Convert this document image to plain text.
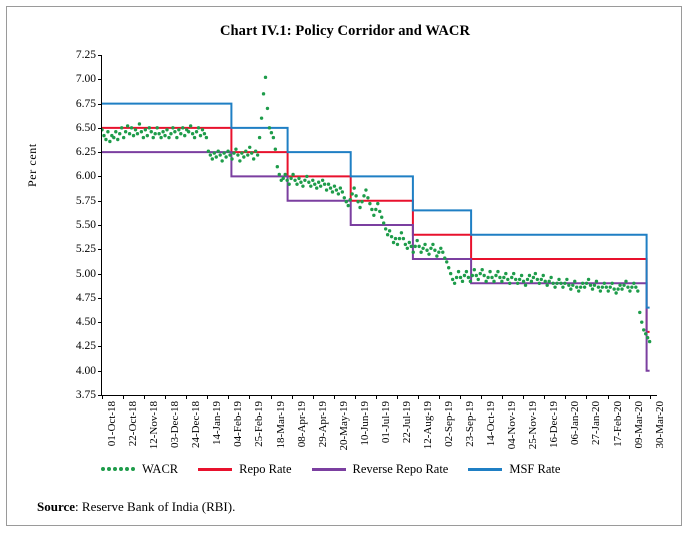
Chart IV.1: Policy Corridor and WACR
Per cent
3.75
4.00
4.25
4.50
4.75
5.00
5.25
5.50
5.75
6.00
6.25
6.50
6.75
7.00
7.25
01-Oct-18 22-Oct-18 12-Nov-18 03-Dec-18 24-Dec-18 14-Jan-19 04-Feb-19 25-Feb-19 18-Mar-19 08-Apr-19 29-Apr-19 20-May-19 10-Jun-19 01-Jul-19 22-Jul-19 12-Aug-19 02-Sep-19 23-Sep-19 14-Oct-19 04-Nov-19 25-Nov-19 16-Dec-19 06-Jan-20 27-Jan-20 17-Feb-20 09-Mar-20 30-Mar-20
WACR	Repo Rate	Reverse Repo Rate	MSF Rate
Source: Reserve Bank of India (RBI).
